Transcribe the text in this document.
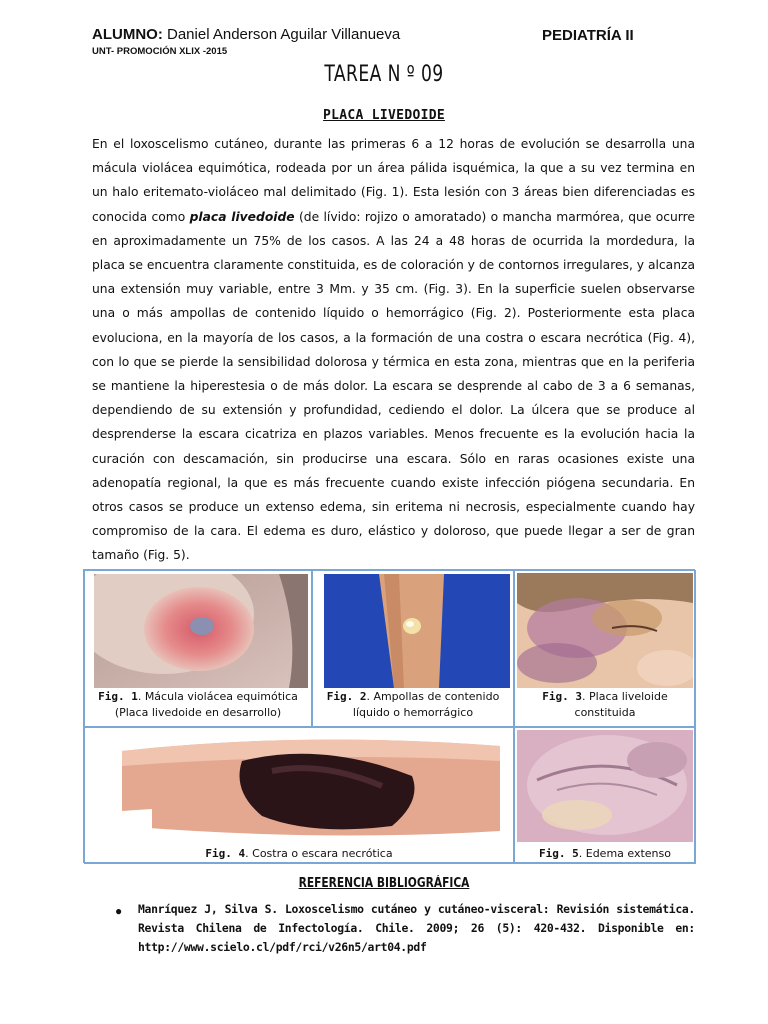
ALUMNO: Daniel Anderson Aguilar Villanueva
UNT- PROMOCIÓN XLIX -2015
PEDIATRÍA II
TAREA N º 09
PLACA LIVEDOIDE

En el loxoscelismo cutáneo, durante las primeras 6 a 12 horas de evolución se desarrolla una mácula violácea equimótica, rodeada por un área pálida isquémica, la que a su vez termina en un halo eritemato-violáceo mal delimitado (Fig. 1). Esta lesión con 3 áreas bien diferenciadas es conocida como placa livedoide (de lívido: rojizo o amoratado) o mancha marmórea, que ocurre en aproximadamente un 75% de los casos. A las 24 a 48 horas de ocurrida la mordedura, la placa se encuentra claramente constituida, es de coloración y de contornos irregulares, y alcanza una extensión muy variable, entre 3 Mm. y 35 cm. (Fig. 3). En la superficie suelen observarse una o más ampollas de contenido líquido o hemorrágico (Fig. 2). Posteriormente esta placa evoluciona, en la mayoría de los casos, a la formación de una costra o escara necrótica (Fig. 4), con lo que se pierde la sensibilidad dolorosa y térmica en esta zona, mientras que en la periferia se mantiene la hiperestesia o de más dolor. La escara se desprende al cabo de 3 a 6 semanas, dependiendo de su extensión y profundidad, cediendo el dolor. La úlcera que se produce al desprenderse la escara cicatriza en plazos variables. Menos frecuente es la evolución hacia la curación con descamación, sin producirse una escara. Sólo en raras ocasiones existe una adenopatía regional, la que es más frecuente cuando existe infección piógena secundaria. En otros casos se produce un extenso edema, sin eritema ni necrosis, especialmente cuando hay compromiso de la cara. El edema es duro, elástico y doloroso, que puede llegar a ser de gran tamaño (Fig. 5).

Fig. 1. Mácula violácea equimótica
(Placa livedoide en desarrollo)
Fig. 2. Ampollas de contenido
líquido o hemorrágico
Fig. 3. Placa liveloide
constituida
Fig. 4. Costra o escara necrótica	Fig. 5. Edema extenso
REFERENCIA BIBLIOGRÁFICA
● Manríquez J, Silva S. Loxoscelismo cutáneo y cutáneo-visceral: Revisión sistemática. Revista Chilena de Infectología. Chile. 2009; 26 (5): 420-432. Disponible en: http://www.scielo.cl/pdf/rci/v26n5/art04.pdf
